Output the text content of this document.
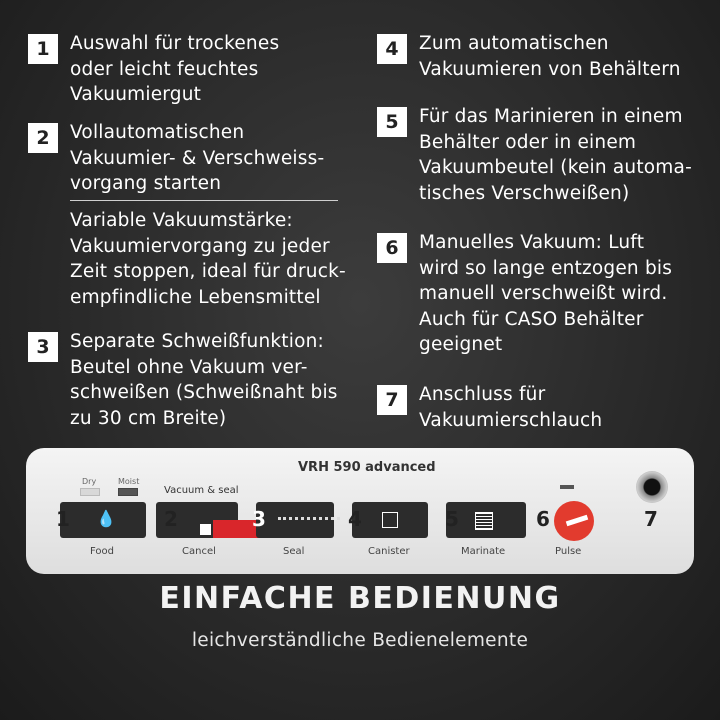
1	Auswahl für trockenes
oder leicht feuchtes
Vakuumiergut
2	Vollautomatischen
Vakuumier- & Verschweiss-
vorgang starten
Variable Vakuumstärke:
Vakuumiervorgang zu jeder
Zeit stoppen, ideal für druck-
empfindliche Lebensmittel
3	Separate Schweißfunktion:
Beutel ohne Vakuum ver-
schweißen (Schweißnaht bis
zu 30 cm Breite)
4	Zum automatischen
Vakuumieren von Behältern
5	Für das Marinieren in einem
Behälter oder in einem
Vakuumbeutel (kein automa-
tisches Verschweißen)
6	Manuelles Vakuum: Luft
wird so lange entzogen bis
manuell verschweißt wird.
Auch für CASO Behälter
geeignet
7	Anschluss für
Vakuumierschlauch
VRH 590 advanced
Dry	Moist
Vacuum & seal
💧
1	2	3	4	5	6	7
Food	Cancel	Seal	Canister	Marinate	Pulse
EINFACHE BEDIENUNG
leichverständliche Bedienelemente
